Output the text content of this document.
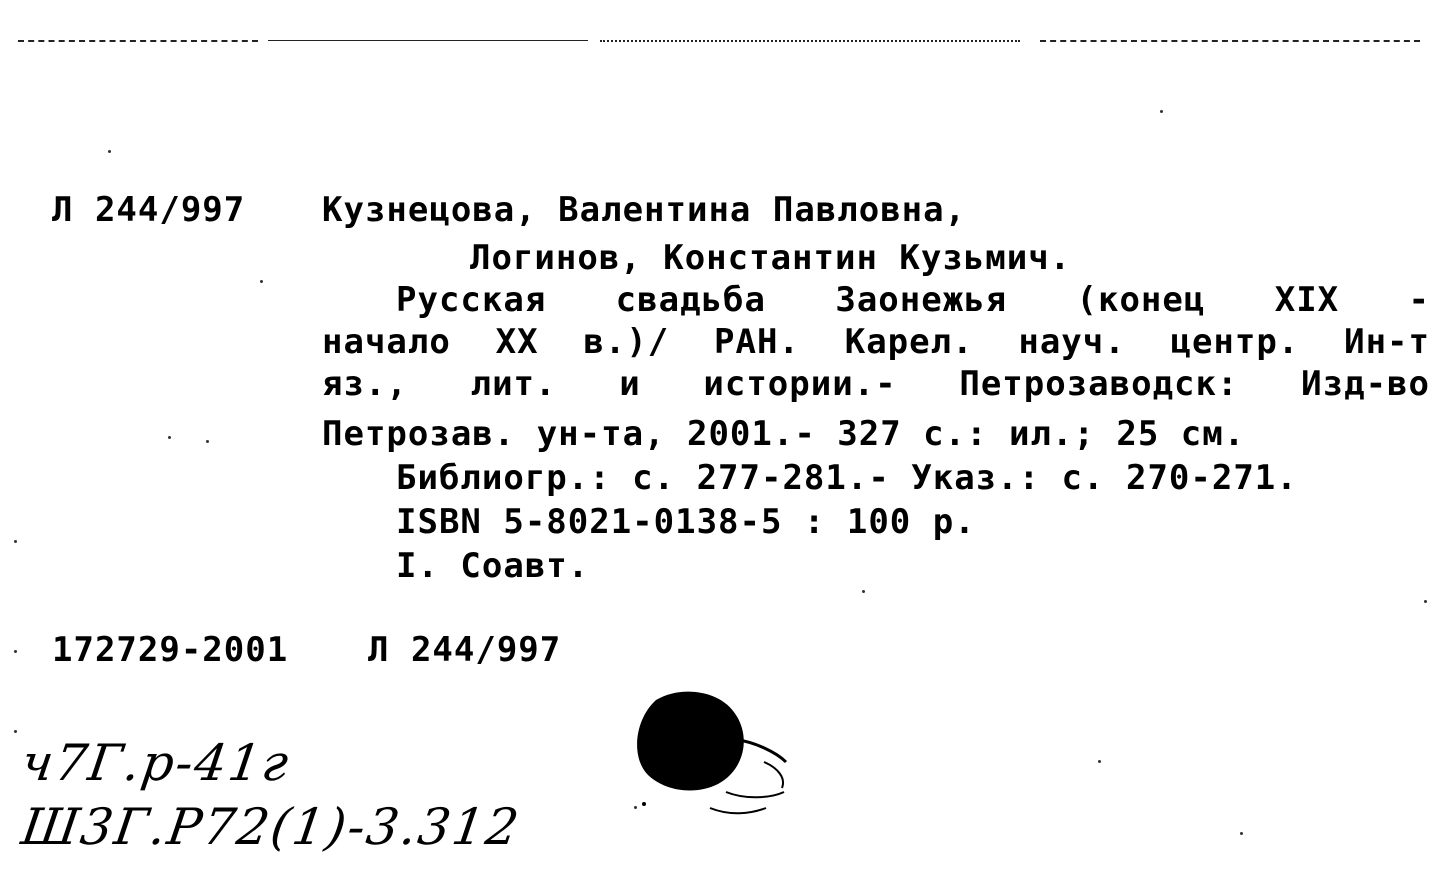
Л 244/997 Кузнецова, Валентина Павловна,
Логинов, Константин Кузьмич.
Русская свадьба Заонежья (конец XIX -
начало XX в.)/ РАН. Карел. науч. центр. Ин-т
яз., лит. и истории.- Петрозаводск: Изд-во
Петрозав. ун-та, 2001.- 327 с.: ил.; 25 см.
Библиогр.: с. 277-281.- Указ.: с. 270-271.
ISBN 5-8021-0138-5 : 100 р.
I. Соавт.
172729-2001 Л 244/997
ч7Г.р-41г
Ш3Г.Р72(1)-3.312
